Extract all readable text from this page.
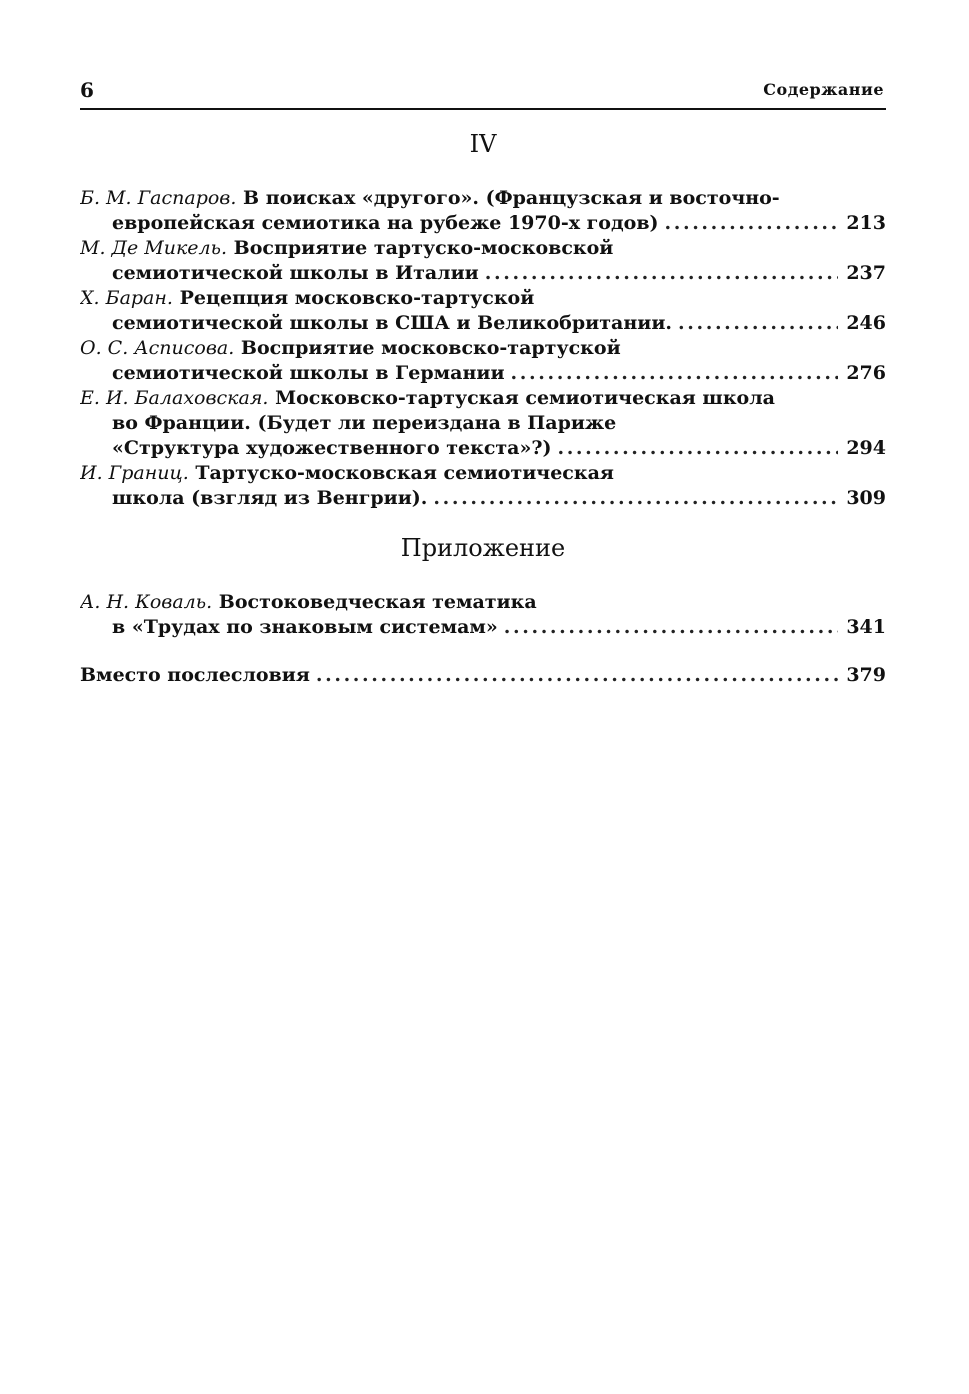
6	Содержание
IV
Б. М. Гаспаров. В поисках «другого». (Французская и восточно-
европейская семиотика на рубеже 1970-х годов) . . .	213
М. Де Микель. Восприятие тартуско-московской
семиотической школы в Италии . . .	237
Х. Баран. Рецепция московско-тартуской
семиотической школы в США и Великобритании. . . .	246
О. С. Асписова. Восприятие московско-тартуской
семиотической школы в Германии . . .	276
Е. И. Балаховская. Московско-тартуская семиотическая школа
во Франции. (Будет ли переиздана в Париже
«Структура художественного текста»?) . . .	294
И. Границ. Тартуско-московская семиотическая
школа (взгляд из Венгрии). . . .	309
Приложение
А. Н. Коваль. Востоковедческая тематика
в «Трудах по знаковым системам» . . .	341
Вместо послесловия . . .	379
